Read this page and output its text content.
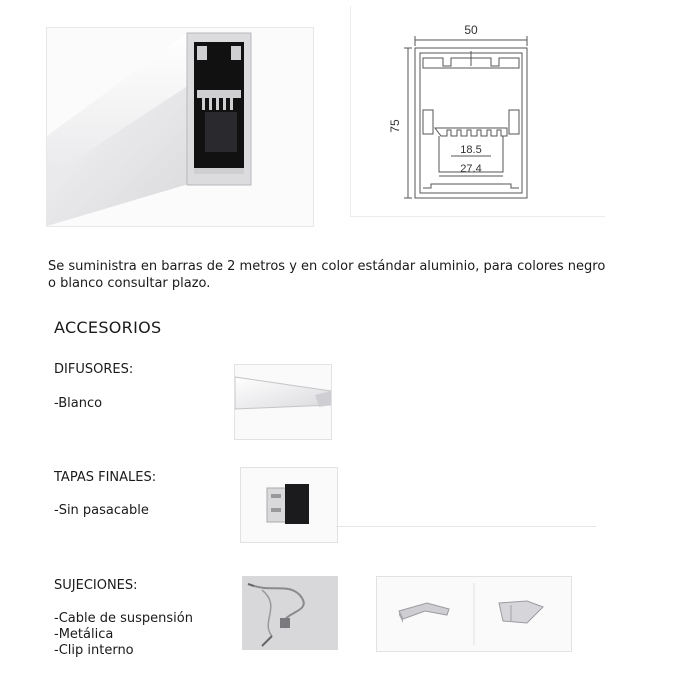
50
75
18.5
27.4
Se suministra en barras de 2 metros y en color estándar aluminio, para colores negro o blanco consultar plazo.
ACCESORIOS
DIFUSORES:
-Blanco
TAPAS FINALES:
-Sin pasacable
SUJECIONES:
-Cable de suspensión
-Metálica
-Clip interno
